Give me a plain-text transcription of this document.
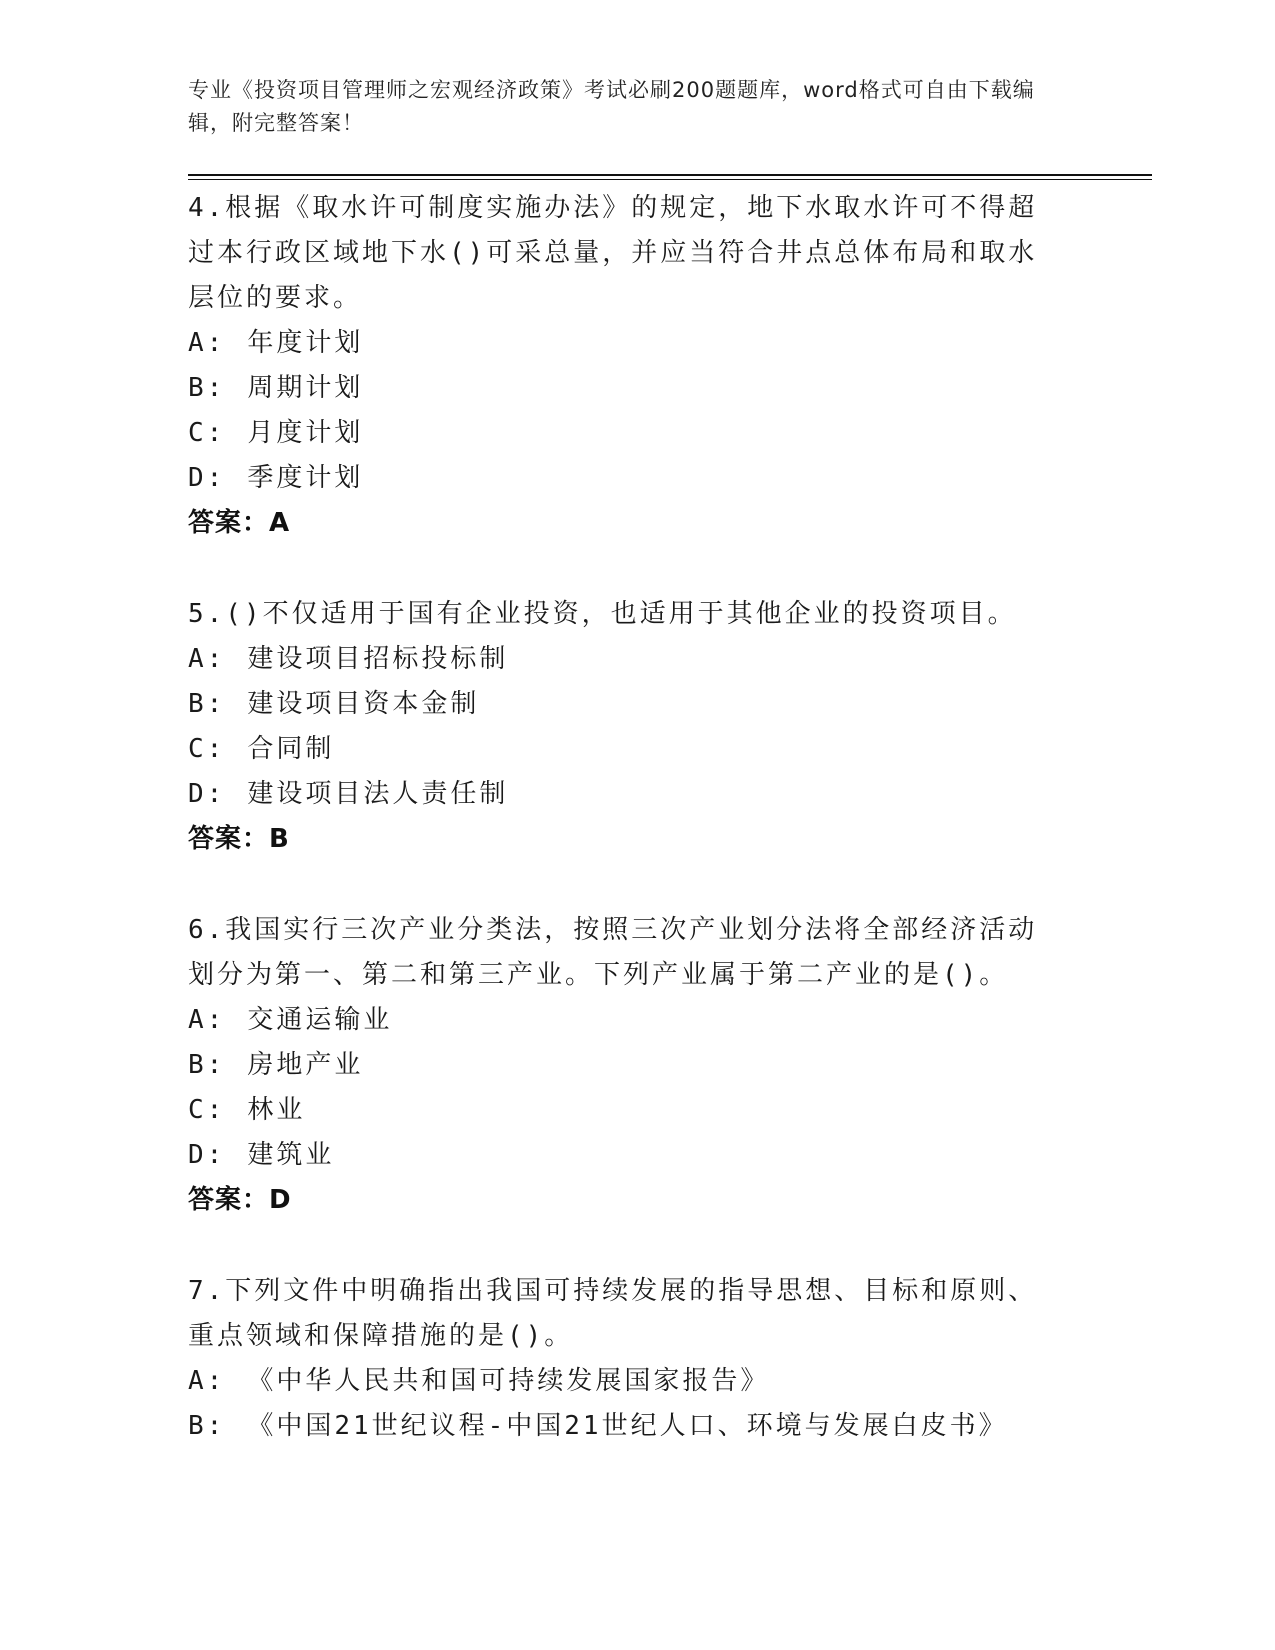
专业《投资项目管理师之宏观经济政策》考试必刷200题题库，word格式可自由下载编辑，附完整答案！

4.根据《取水许可制度实施办法》的规定，地下水取水许可不得超过本行政区域地下水()可采总量，并应当符合井点总体布局和取水层位的要求。

A: 年度计划
B: 周期计划
C: 月度计划
D: 季度计划
答案：A

5.()不仅适用于国有企业投资，也适用于其他企业的投资项目。

A: 建设项目招标投标制
B: 建设项目资本金制
C: 合同制
D: 建设项目法人责任制
答案：B

6.我国实行三次产业分类法，按照三次产业划分法将全部经济活动划分为第一、第二和第三产业。下列产业属于第二产业的是()。

A: 交通运输业
B: 房地产业
C: 林业
D: 建筑业
答案：D

7.下列文件中明确指出我国可持续发展的指导思想、目标和原则、重点领域和保障措施的是()。

A: 《中华人民共和国可持续发展国家报告》
B: 《中国21世纪议程-中国21世纪人口、环境与发展白皮书》
